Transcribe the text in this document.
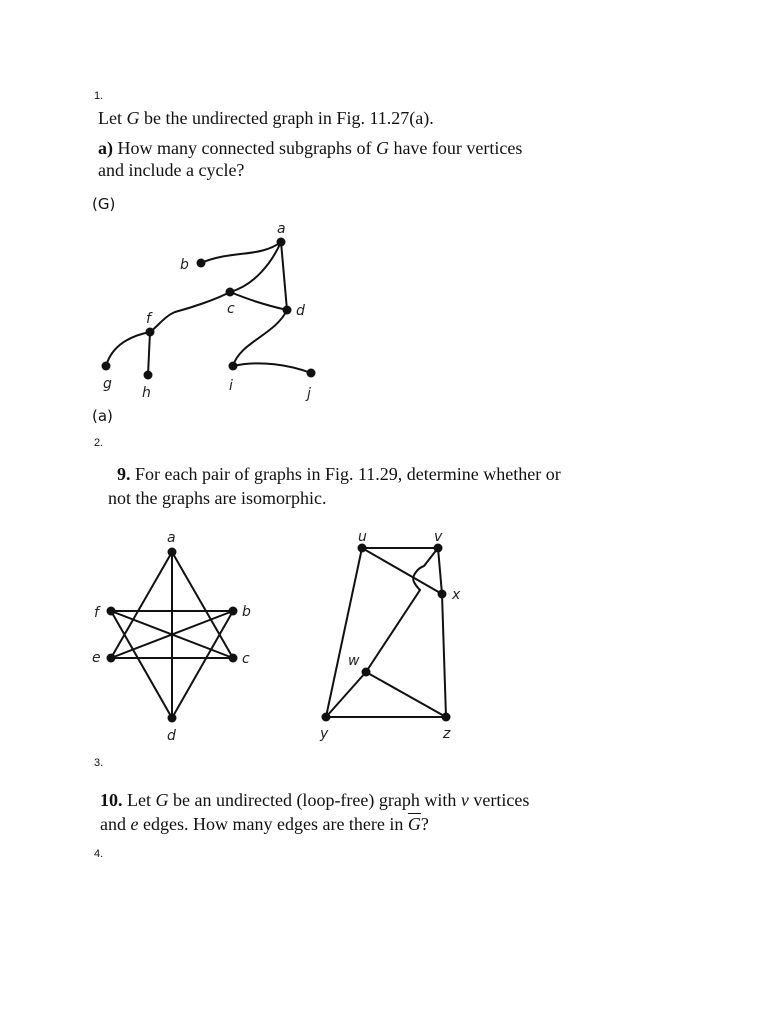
1.
Let G be the undirected graph in Fig. 11.27(a).
a) How many connected subgraphs of G have four vertices
and include a cycle?
(G)
(a)
2.
9. For each pair of graphs in Fig. 11.29, determine whether or
not the graphs are isomorphic.
3.
10. Let G be an undirected (loop-free) graph with v vertices
and e edges. How many edges are there in $\overline{G}$?
4.
a
b
c	d
f
g
h	i	j
a
b
c
d
e
f
u	v
x
w
y	z
